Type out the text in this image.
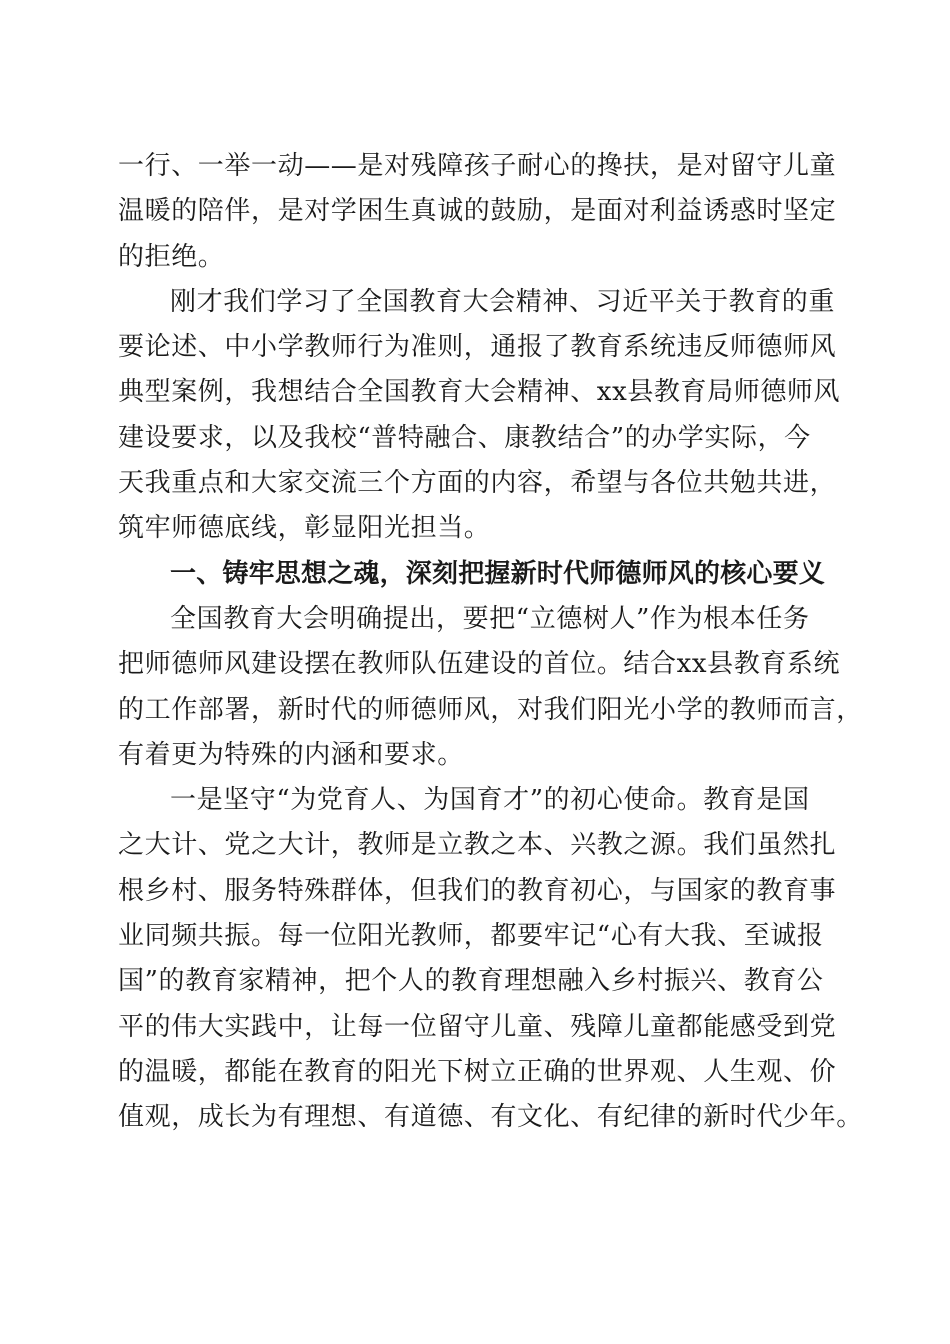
一行、一举一动——是对残障孩子耐心的搀扶，是对留守儿童
温暖的陪伴，是对学困生真诚的鼓励，是面对利益诱惑时坚定
的拒绝。
刚才我们学习了全国教育大会精神、习近平关于教育的重
要论述、中小学教师行为准则，通报了教育系统违反师德师风
典型案例，我想结合全国教育大会精神、xx县教育局师德师风
建设要求，以及我校“普特融合、康教结合”的办学实际，今
天我重点和大家交流三个方面的内容，希望与各位共勉共进，
筑牢师德底线，彰显阳光担当。
一、铸牢思想之魂，深刻把握新时代师德师风的核心要义
全国教育大会明确提出，要把“立德树人”作为根本任务
把师德师风建设摆在教师队伍建设的首位。结合xx县教育系统
的工作部署，新时代的师德师风，对我们阳光小学的教师而言，
有着更为特殊的内涵和要求。
一是坚守“为党育人、为国育才”的初心使命。教育是国
之大计、党之大计，教师是立教之本、兴教之源。我们虽然扎
根乡村、服务特殊群体，但我们的教育初心，与国家的教育事
业同频共振。每一位阳光教师，都要牢记“心有大我、至诚报
国”的教育家精神，把个人的教育理想融入乡村振兴、教育公
平的伟大实践中，让每一位留守儿童、残障儿童都能感受到党
的温暖，都能在教育的阳光下树立正确的世界观、人生观、价
值观，成长为有理想、有道德、有文化、有纪律的新时代少年。
